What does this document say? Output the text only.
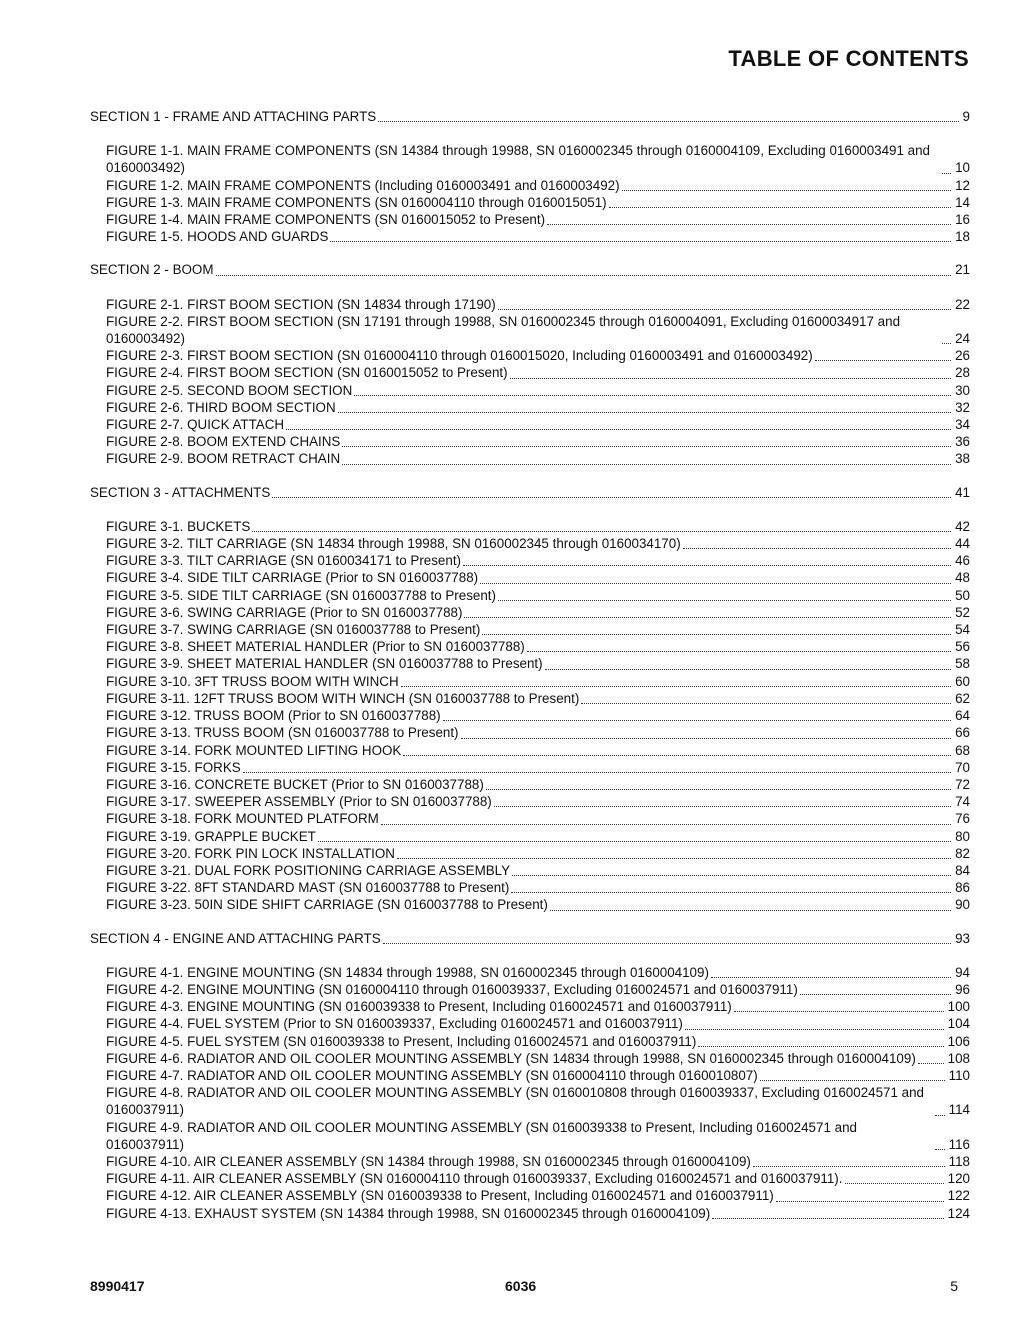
TABLE OF CONTENTS
SECTION 1 - FRAME AND ATTACHING PARTS	9
FIGURE 1-1. MAIN FRAME COMPONENTS (SN 14384 through 19988, SN 0160002345 through 0160004109, Excluding 0160003491 and 0160003492)	10
FIGURE 1-2. MAIN FRAME COMPONENTS (Including 0160003491 and 0160003492)	12
FIGURE 1-3. MAIN FRAME COMPONENTS (SN 0160004110 through 0160015051)	14
FIGURE 1-4. MAIN FRAME COMPONENTS (SN 0160015052 to Present)	16
FIGURE 1-5. HOODS AND GUARDS	18
SECTION 2 - BOOM	21
FIGURE 2-1. FIRST BOOM SECTION (SN 14834 through 17190)	22
FIGURE 2-2. FIRST BOOM SECTION (SN 17191 through 19988, SN 0160002345 through 0160004091, Excluding 01600034917 and 0160003492)	24
FIGURE 2-3. FIRST BOOM SECTION (SN 0160004110 through 0160015020, Including 0160003491 and 0160003492)	26
FIGURE 2-4. FIRST BOOM SECTION (SN 0160015052 to Present)	28
FIGURE 2-5. SECOND BOOM SECTION	30
FIGURE 2-6. THIRD BOOM SECTION	32
FIGURE 2-7. QUICK ATTACH	34
FIGURE 2-8. BOOM EXTEND CHAINS	36
FIGURE 2-9. BOOM RETRACT CHAIN	38
SECTION 3 - ATTACHMENTS	41
FIGURE 3-1. BUCKETS	42
FIGURE 3-2. TILT CARRIAGE (SN 14834 through 19988, SN 0160002345 through 0160034170)	44
FIGURE 3-3. TILT CARRIAGE (SN 0160034171 to Present)	46
FIGURE 3-4. SIDE TILT CARRIAGE (Prior to SN 0160037788)	48
FIGURE 3-5. SIDE TILT CARRIAGE (SN 0160037788 to Present)	50
FIGURE 3-6. SWING CARRIAGE (Prior to SN 0160037788)	52
FIGURE 3-7. SWING CARRIAGE (SN 0160037788 to Present)	54
FIGURE 3-8. SHEET MATERIAL HANDLER (Prior to SN 0160037788)	56
FIGURE 3-9. SHEET MATERIAL HANDLER (SN 0160037788 to Present)	58
FIGURE 3-10. 3FT TRUSS BOOM WITH WINCH	60
FIGURE 3-11. 12FT TRUSS BOOM WITH WINCH (SN 0160037788 to Present)	62
FIGURE 3-12. TRUSS BOOM (Prior to SN 0160037788)	64
FIGURE 3-13. TRUSS BOOM (SN 0160037788 to Present)	66
FIGURE 3-14. FORK MOUNTED LIFTING HOOK	68
FIGURE 3-15. FORKS	70
FIGURE 3-16. CONCRETE BUCKET (Prior to SN 0160037788)	72
FIGURE 3-17. SWEEPER ASSEMBLY (Prior to SN 0160037788)	74
FIGURE 3-18. FORK MOUNTED PLATFORM	76
FIGURE 3-19. GRAPPLE BUCKET	80
FIGURE 3-20. FORK PIN LOCK INSTALLATION	82
FIGURE 3-21. DUAL FORK POSITIONING CARRIAGE ASSEMBLY	84
FIGURE 3-22. 8FT STANDARD MAST (SN 0160037788 to Present)	86
FIGURE 3-23. 50IN SIDE SHIFT CARRIAGE (SN 0160037788 to Present)	90
SECTION 4 - ENGINE AND ATTACHING PARTS	93
FIGURE 4-1. ENGINE MOUNTING (SN 14834 through 19988, SN 0160002345 through 0160004109)	94
FIGURE 4-2. ENGINE MOUNTING (SN 0160004110 through 0160039337, Excluding 0160024571 and 0160037911)	96
FIGURE 4-3. ENGINE MOUNTING (SN 0160039338 to Present, Including 0160024571 and 0160037911)	100
FIGURE 4-4. FUEL SYSTEM (Prior to SN 0160039337, Excluding 0160024571 and 0160037911)	104
FIGURE 4-5. FUEL SYSTEM (SN 0160039338 to Present, Including 0160024571 and 0160037911)	106
FIGURE 4-6. RADIATOR AND OIL COOLER MOUNTING ASSEMBLY (SN 14834 through 19988, SN 0160002345 through 0160004109) 108
FIGURE 4-7. RADIATOR AND OIL COOLER MOUNTING ASSEMBLY (SN 0160004110 through 0160010807)	110
FIGURE 4-8. RADIATOR AND OIL COOLER MOUNTING ASSEMBLY (SN 0160010808 through 0160039337, Excluding 0160024571 and 0160037911)	114
FIGURE 4-9. RADIATOR AND OIL COOLER MOUNTING ASSEMBLY (SN 0160039338 to Present, Including 0160024571 and 0160037911)	116
FIGURE 4-10. AIR CLEANER ASSEMBLY (SN 14384 through 19988, SN 0160002345 through 0160004109)	118
FIGURE 4-11. AIR CLEANER ASSEMBLY (SN 0160004110 through 0160039337, Excluding 0160024571 and 0160037911).	120
FIGURE 4-12. AIR CLEANER ASSEMBLY (SN 0160039338 to Present, Including 0160024571 and 0160037911)	122
FIGURE 4-13. EXHAUST SYSTEM (SN 14384 through 19988, SN 0160002345 through 0160004109)	124
8990417	6036	5
